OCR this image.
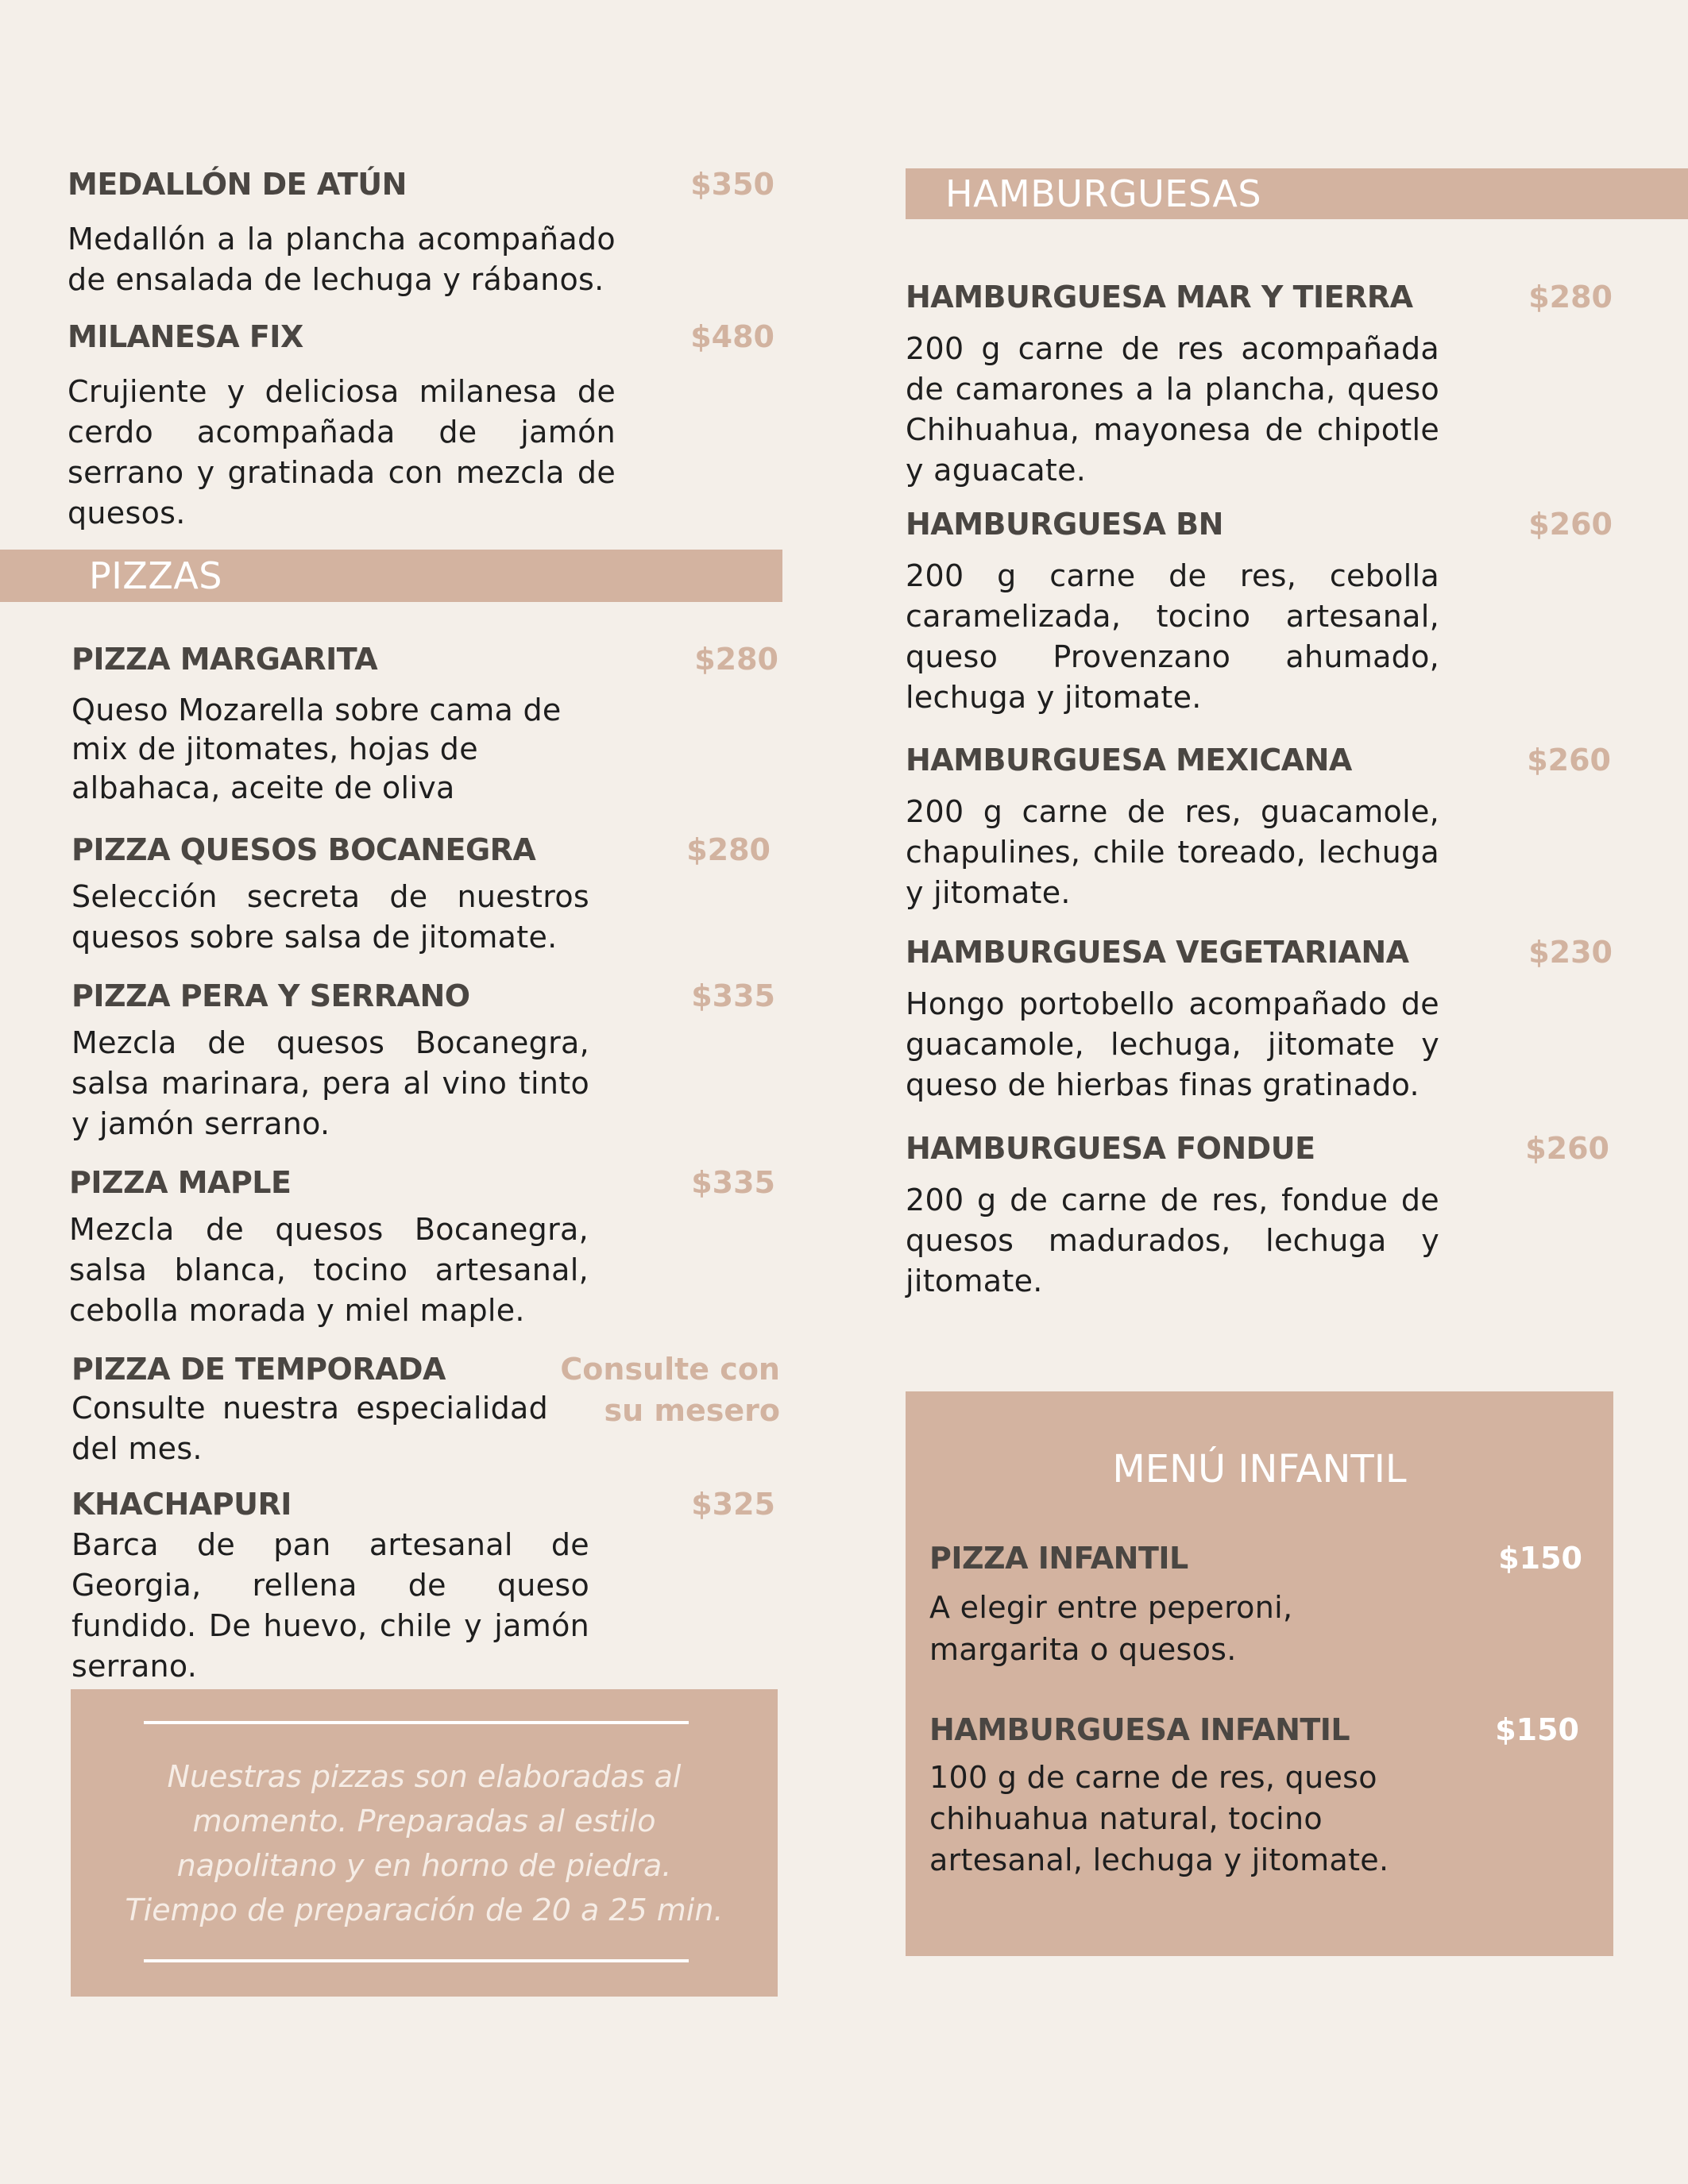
MEDALLÓN DE ATÚN	$350
Medallón a la plancha acompañado de ensalada de lechuga y rábanos.
MILANESA FIX	$480
Crujiente y deliciosa milanesa de cerdo acompañada de jamón serrano y gratinada con mezcla de quesos.
PIZZAS
PIZZA MARGARITA	$280
Queso Mozarella sobre cama de mix de jitomates, hojas de albahaca, aceite de oliva
PIZZA QUESOS BOCANEGRA	$280
Selección secreta de nuestros quesos sobre salsa de jitomate.
PIZZA PERA Y SERRANO	$335
Mezcla de quesos Bocanegra, salsa marinara, pera al vino tinto y jamón serrano.
PIZZA MAPLE	$335
Mezcla de quesos Bocanegra, salsa blanca, tocino artesanal, cebolla morada y miel maple.
PIZZA DE TEMPORADA	Consulte con
su mesero
Consulte nuestra especialidad del mes.
KHACHAPURI	$325
Barca de pan artesanal de Georgia, rellena de queso fundido. De huevo, chile y jamón serrano.
Nuestras pizzas son elaboradas al
momento. Preparadas al estilo
napolitano y en horno de piedra.
Tiempo de preparación de 20 a 25 min.
HAMBURGUESAS
HAMBURGUESA MAR Y TIERRA	$280
200 g carne de res acompañada de camarones a la plancha, queso Chihuahua, mayonesa de chipotle y aguacate.
HAMBURGUESA BN	$260
200 g carne de res, cebolla caramelizada, tocino artesanal, queso Provenzano ahumado, lechuga y jitomate.
HAMBURGUESA MEXICANA	$260
200 g carne de res, guacamole, chapulines, chile toreado, lechuga y jitomate.
HAMBURGUESA VEGETARIANA	$230
Hongo portobello acompañado de guacamole, lechuga, jitomate y queso de hierbas finas gratinado.
HAMBURGUESA FONDUE	$260
200 g de carne de res, fondue de quesos madurados, lechuga y jitomate.
MENÚ INFANTIL
PIZZA INFANTIL	$150
A elegir entre peperoni, margarita o quesos.
HAMBURGUESA INFANTIL	$150
100 g de carne de res, queso chihuahua natural, tocino artesanal, lechuga y jitomate.
